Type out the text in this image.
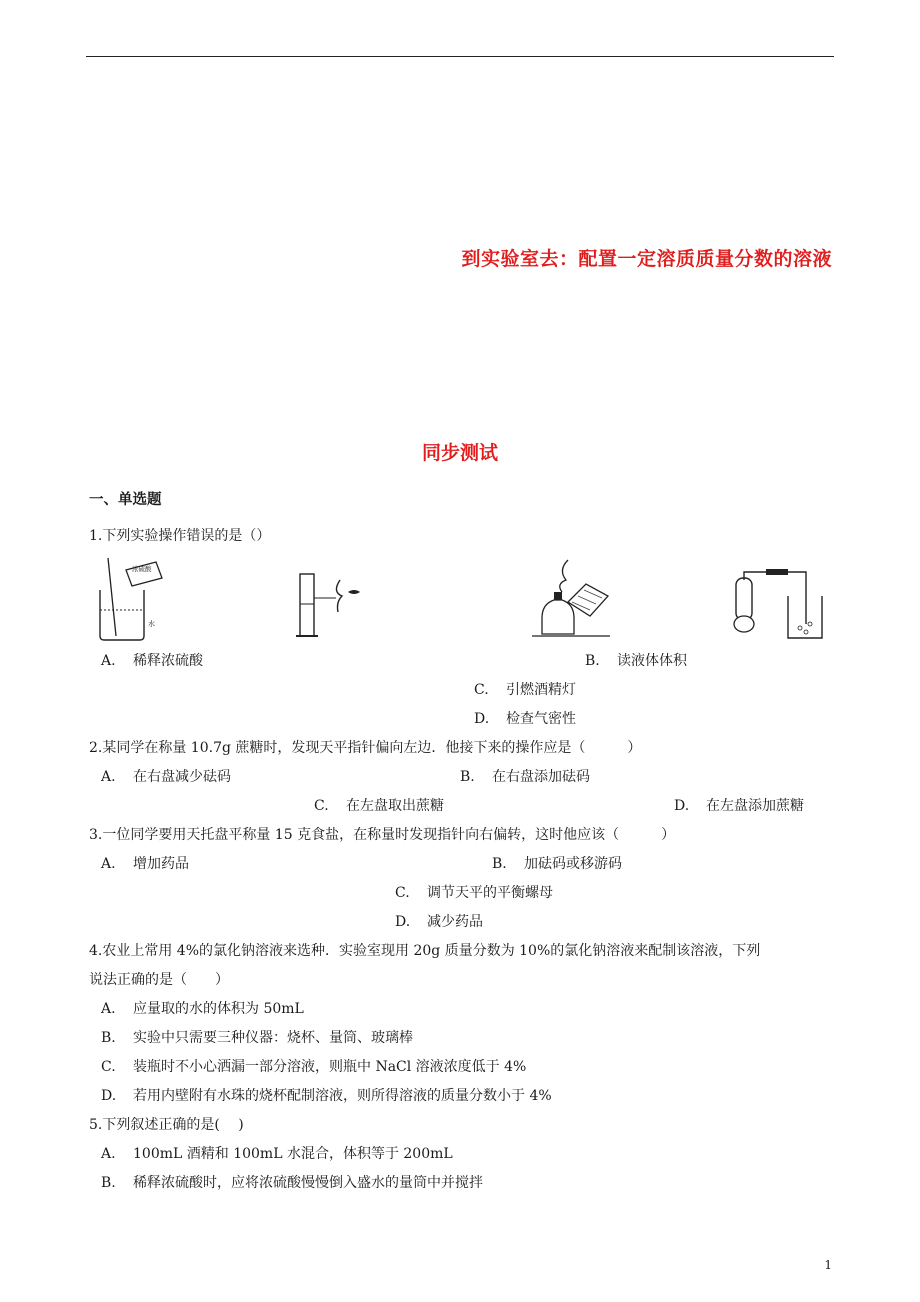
到实验室去：配置一定溶质质量分数的溶液
同步测试
一、单选题
1.下列实验操作错误的是（）
浓硫酸
水
A. 稀释浓硫酸	B. 读液体体积
C. 引燃酒精灯
D. 检查气密性
2.某同学在称量 10.7g 蔗糖时，发现天平指针偏向左边．他接下来的操作应是（　　　）
A. 在右盘减少砝码	B. 在右盘添加砝码
C. 在左盘取出蔗糖	D. 在左盘添加蔗糖
3.一位同学要用天托盘平称量 15 克食盐，在称量时发现指针向右偏转，这时他应该（　　　）
A. 增加药品	B. 加砝码或移游码
C. 调节天平的平衡螺母
D. 减少药品
4.农业上常用 4%的氯化钠溶液来选种．实验室现用 20g 质量分数为 10%的氯化钠溶液来配制该溶液，下列
说法正确的是（　　）
A. 应量取的水的体积为 50mL
B. 实验中只需要三种仪器：烧杯、量筒、玻璃棒
C. 装瓶时不小心洒漏一部分溶液，则瓶中 NaCl 溶液浓度低于 4%
D. 若用内壁附有水珠的烧杯配制溶液，则所得溶液的质量分数小于 4%
5.下列叙述正确的是(　 )
A. 100mL 酒精和 100mL 水混合，体积等于 200mL
B. 稀释浓硫酸时，应将浓硫酸慢慢倒入盛水的量筒中并搅拌
1
